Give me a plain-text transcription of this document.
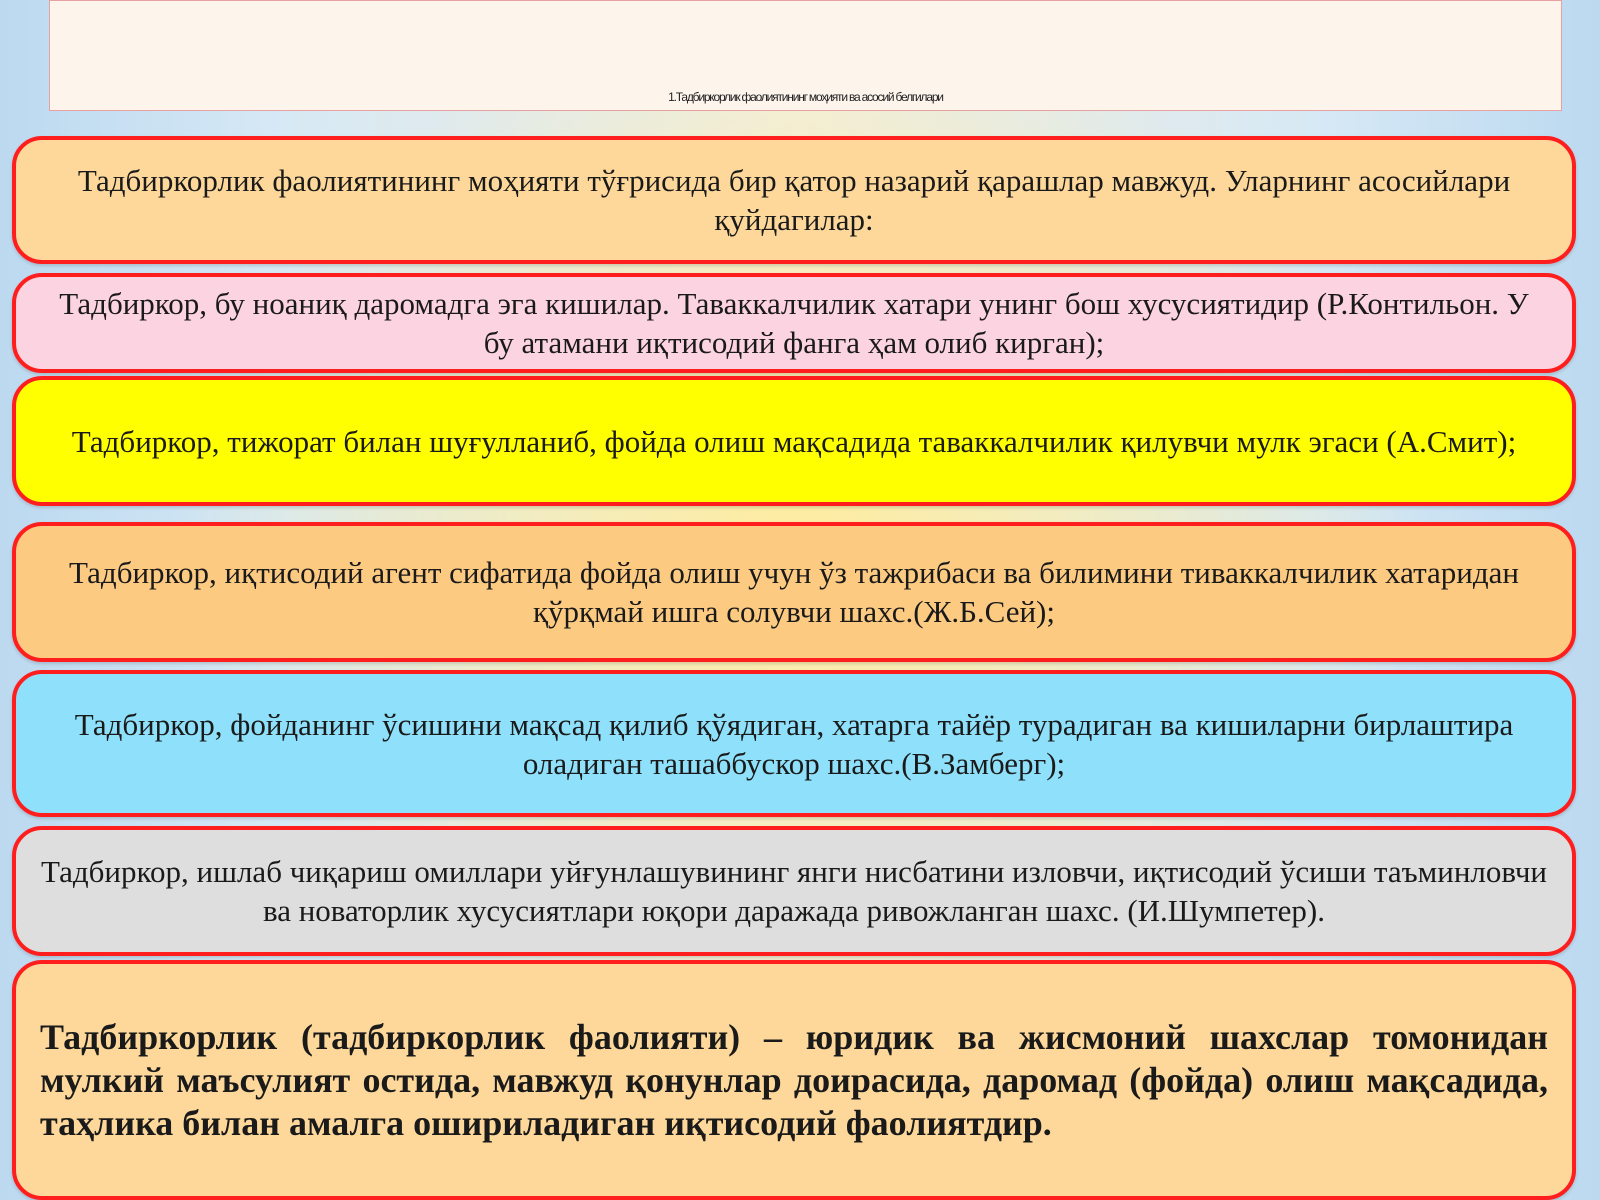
1.Тадбиркорлик фаолиятининг моҳияти ва асосий белгилари

Тадбиркорлик фаолиятининг моҳияти тўғрисида бир қатор назарий қарашлар мавжуд. Уларнинг асосийлари қуйдагилар:

Тадбиркор, бу ноаниқ даромадга эга кишилар. Таваккалчилик хатари унинг бош хусусиятидир (Р.Контильон. У бу атамани иқтисодий фанга ҳам олиб кирган);

Тадбиркор, тижорат билан шуғулланиб, фойда олиш мақсадида таваккалчилик қилувчи мулк эгаси (А.Смит);

Тадбиркор, иқтисодий агент сифатида фойда олиш учун ўз тажрибаси ва билимини тиваккалчилик хатаридан қўрқмай ишга солувчи шахс.(Ж.Б.Сей);

Тадбиркор, фойданинг ўсишини мақсад қилиб қўядиган, хатарга тайёр турадиган ва кишиларни бирлаштира оладиган ташаббускор шахс.(В.Замберг);

Тадбиркор, ишлаб чиқариш омиллари уйғунлашувининг янги нисбатини изловчи, иқтисодий ўсиши таъминловчи ва новаторлик хусусиятлари юқори даражада ривожланган шахс. (И.Шумпетер).

Тадбиркорлик (тадбиркорлик фаолияти) – юридик ва жисмоний шахслар томонидан мулкий маъсулият остида, мавжуд қонунлар доирасида, даромад (фойда) олиш мақсадида, таҳлика билан амалга ошириладиган иқтисодий фаолиятдир.
